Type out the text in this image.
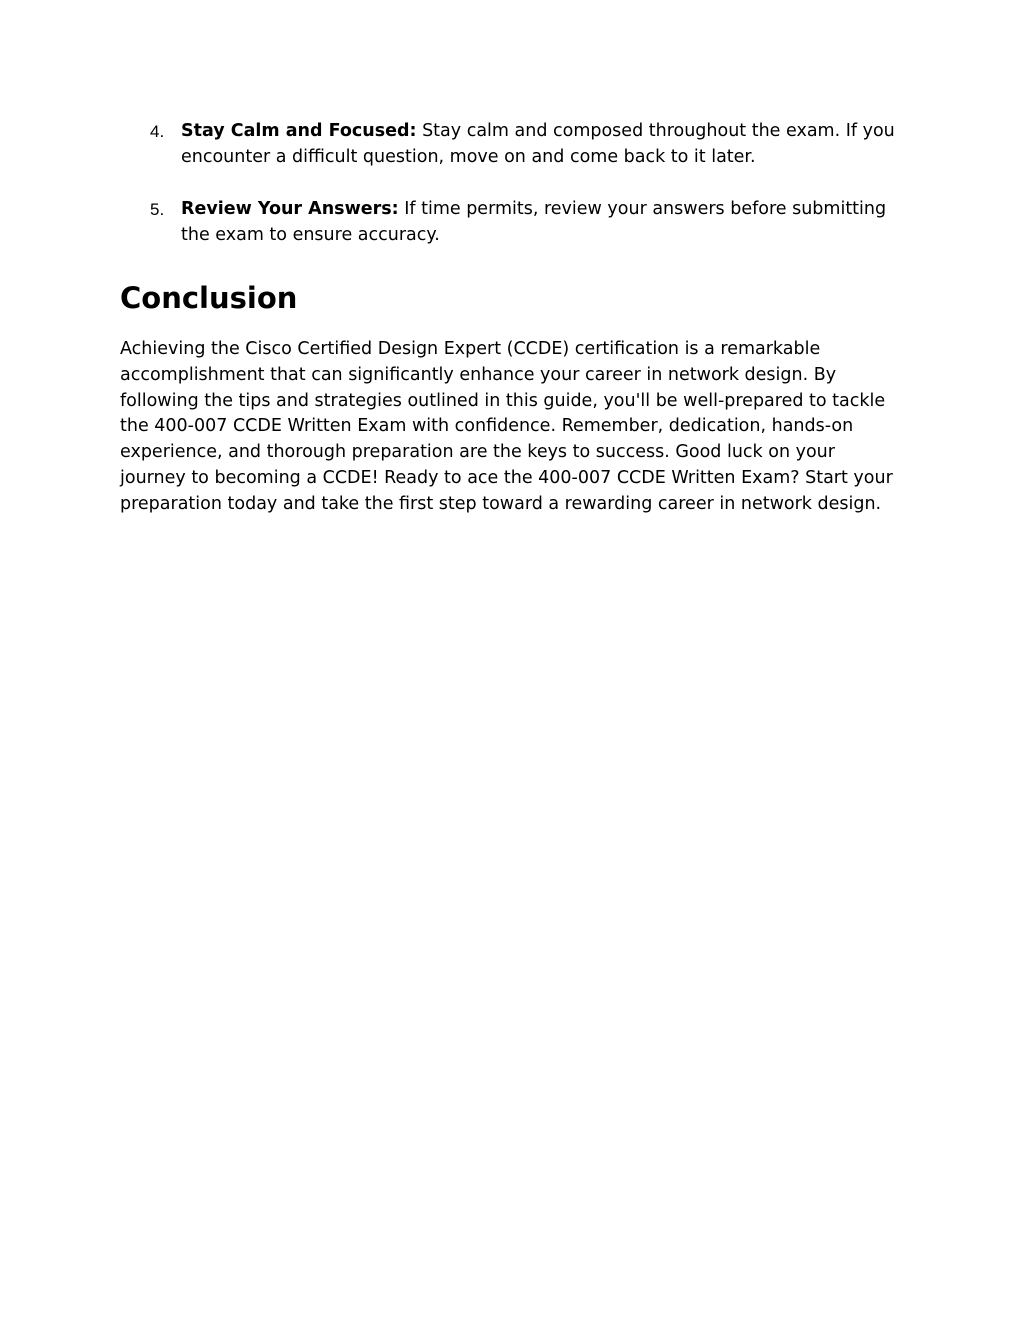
4. Stay Calm and Focused: Stay calm and composed throughout the exam. If you encounter a difficult question, move on and come back to it later.
5. Review Your Answers: If time permits, review your answers before submitting the exam to ensure accuracy.
Conclusion

Achieving the Cisco Certified Design Expert (CCDE) certification is a remarkable accomplishment that can significantly enhance your career in network design. By following the tips and strategies outlined in this guide, you'll be well-prepared to tackle the 400-007 CCDE Written Exam with confidence. Remember, dedication, hands-on experience, and thorough preparation are the keys to success. Good luck on your journey to becoming a CCDE! Ready to ace the 400-007 CCDE Written Exam? Start your preparation today and take the first step toward a rewarding career in network design.
